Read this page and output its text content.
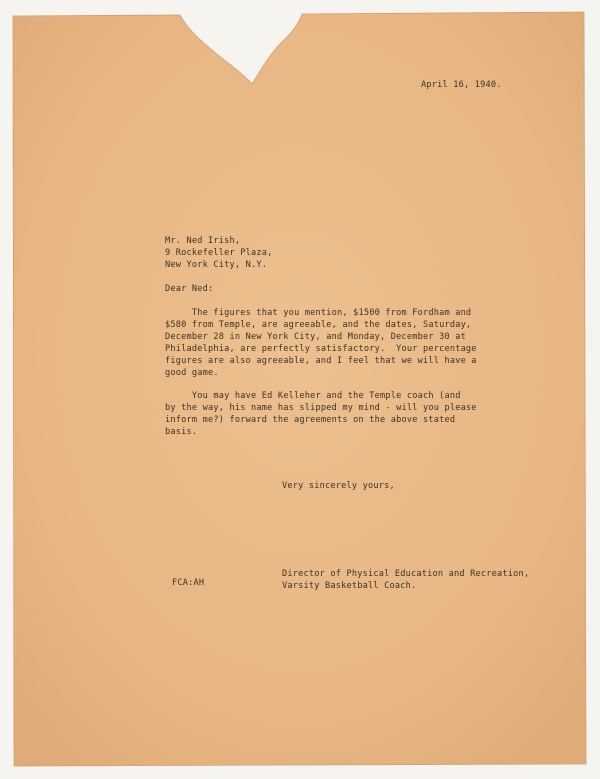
April 16, 1940.
Mr. Ned Irish,
9 Rockefeller Plaza,
New York City, N.Y.
Dear Ned:
The figures that you mention, $1500 from Fordham and
$580 from Temple, are agreeable, and the dates, Saturday,
December 28 in New York City, and Monday, December 30 at
Philadelphia, are perfectly satisfactory.  Your percentage
figures are also agreeable, and I feel that we will have a
good game.
You may have Ed Kelleher and the Temple coach (and
by the way, his name has slipped my mind - will you please
inform me?) forward the agreements on the above stated
basis.
Very sincerely yours,
Director of Physical Education and Recreation,
Varsity Basketball Coach.
FCA:AH
